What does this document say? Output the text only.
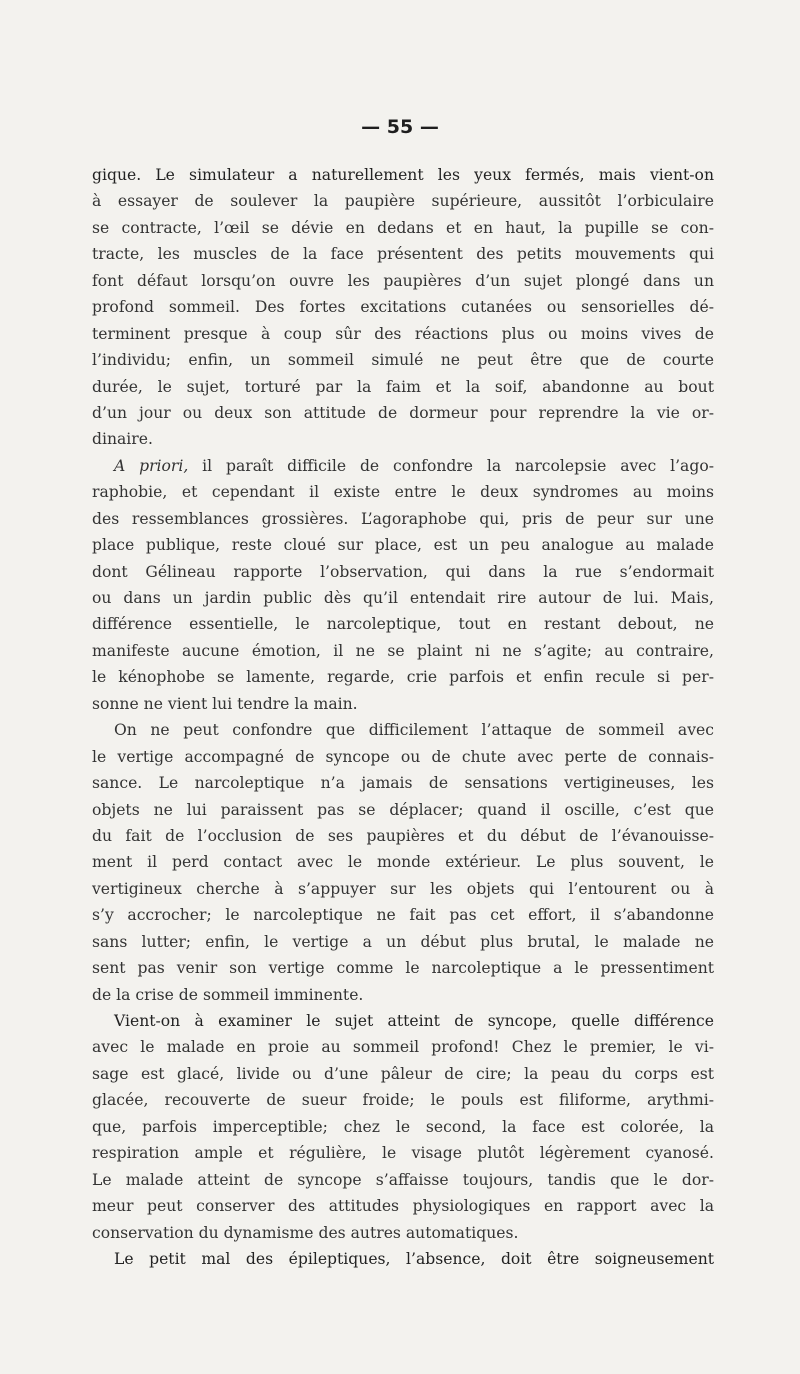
— 55 —
gique. Le simulateur a naturellement les yeux fermés, mais vient-on
à essayer de soulever la paupière supérieure, aussitôt l’orbiculaire
se contracte, l’œil se dévie en dedans et en haut, la pupille se con-
tracte, les muscles de la face présentent des petits mouvements qui
font défaut lorsqu’on ouvre les paupières d’un sujet plongé dans un
profond sommeil. Des fortes excitations cutanées ou sensorielles dé-
terminent presque à coup sûr des réactions plus ou moins vives de
l’individu; enfin, un sommeil simulé ne peut être que de courte
durée, le sujet, torturé par la faim et la soif, abandonne au bout
d’un jour ou deux son attitude de dormeur pour reprendre la vie or-
dinaire.
A priori, il paraît difficile de confondre la narcolepsie avec l’ago-
raphobie, et cependant il existe entre le deux syndromes au moins
des ressemblances grossières. L’agoraphobe qui, pris de peur sur une
place publique, reste cloué sur place, est un peu analogue au malade
dont Gélineau rapporte l’observation, qui dans la rue s’endormait
ou dans un jardin public dès qu’il entendait rire autour de lui. Mais,
différence essentielle, le narcoleptique, tout en restant debout, ne
manifeste aucune émotion, il ne se plaint ni ne s’agite; au contraire,
le kénophobe se lamente, regarde, crie parfois et enfin recule si per-
sonne ne vient lui tendre la main.
On ne peut confondre que difficilement l’attaque de sommeil avec
le vertige accompagné de syncope ou de chute avec perte de connais-
sance. Le narcoleptique n’a jamais de sensations vertigineuses, les
objets ne lui paraissent pas se déplacer; quand il oscille, c’est que
du fait de l’occlusion de ses paupières et du début de l’évanouisse-
ment il perd contact avec le monde extérieur. Le plus souvent, le
vertigineux cherche à s’appuyer sur les objets qui l’entourent ou à
s’y accrocher; le narcoleptique ne fait pas cet effort, il s’abandonne
sans lutter; enfin, le vertige a un début plus brutal, le malade ne
sent pas venir son vertige comme le narcoleptique a le pressentiment
de la crise de sommeil imminente.
Vient-on à examiner le sujet atteint de syncope, quelle différence
avec le malade en proie au sommeil profond! Chez le premier, le vi-
sage est glacé, livide ou d’une pâleur de cire; la peau du corps est
glacée, recouverte de sueur froide; le pouls est filiforme, arythmi-
que, parfois imperceptible; chez le second, la face est colorée, la
respiration ample et régulière, le visage plutôt légèrement cyanosé.
Le malade atteint de syncope s’affaisse toujours, tandis que le dor-
meur peut conserver des attitudes physiologiques en rapport avec la
conservation du dynamisme des autres automatiques.
Le petit mal des épileptiques, l’absence, doit être soigneusement
